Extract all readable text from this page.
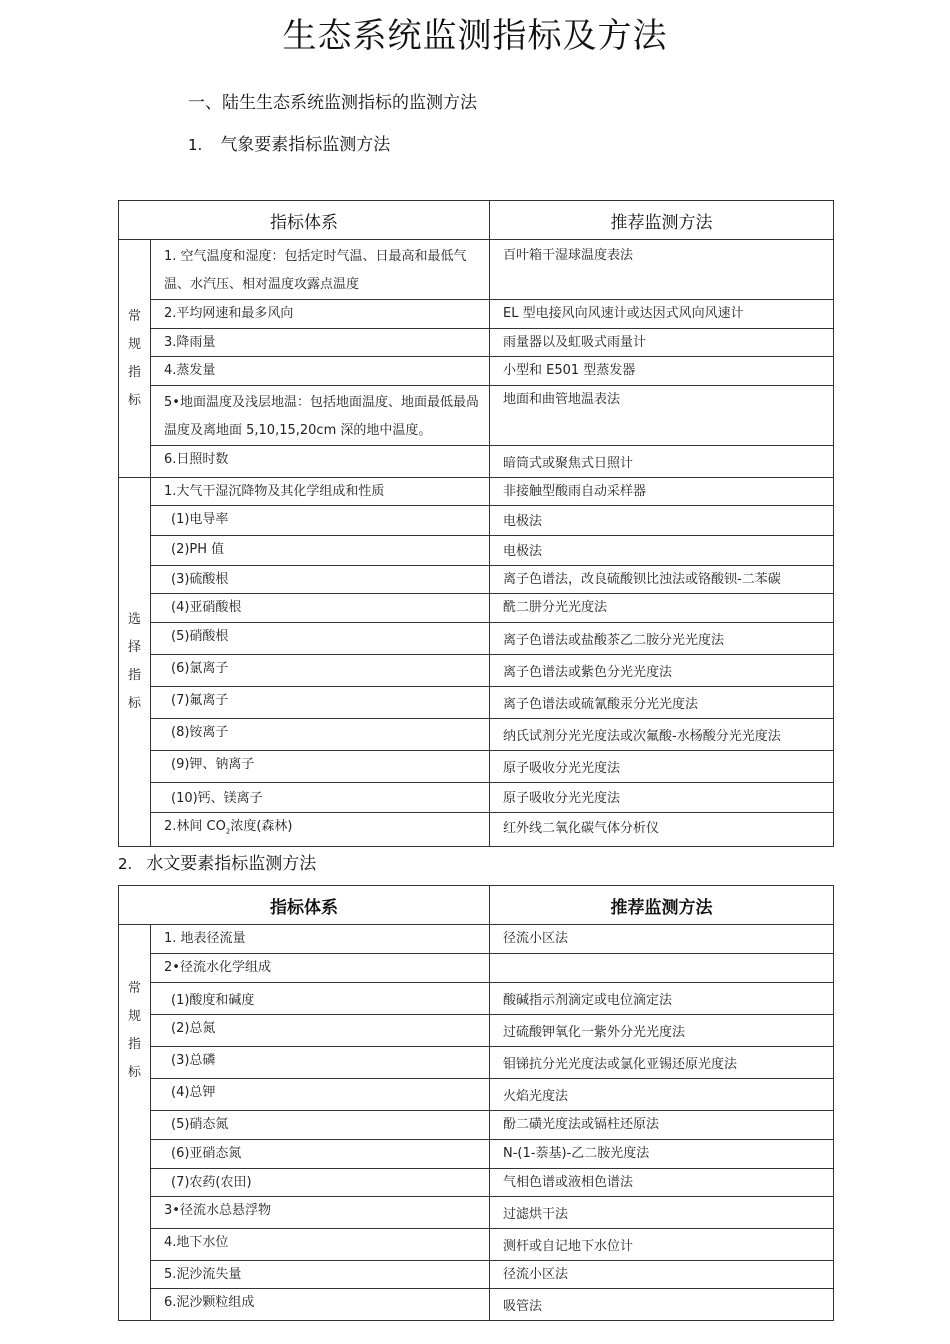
生态系统监测指标及方法
一、陆生生态系统监测指标的监测方法
1. 气象要素指标监测方法
指标体系		推荐监测方法

常
规
指
标	1. 空气温度和湿度：包括定时气温、日最高和最低气温、水汽压、相对温度攻露点温度	百叶箱干湿球温度表法
	2.平均网速和最多风向	EL 型电接风向风速计或达因式风向风速计
	3.降雨量	雨量器以及虹吸式雨量计
	4.蒸发量	小型和 E501 型蒸发器
	5•地面温度及浅层地温：包括地面温度、地面最低最咼温度及离地面 5,10,15,20cm 深的地中温度。	地面和曲管地温表法
	6.日照时数	暗筒式或聚焦式日照计

选
择
指
标	1.大气干湿沉降物及其化学组成和性质	非接触型酸雨自动采样器
	(1)电导率	电极法
	(2)PH 值	电极法
	(3)硫酸根	离子色谱法，改良硫酸钡比浊法或铬酸钡-二苯碳
	(4)亚硝酸根	酰二肼分光光度法
	(5)硝酸根	离子色谱法或盐酸茶乙二胺分光光度法
	(6)氯离子	离子色谱法或紫色分光光度法
	(7)氟离子	离子色谱法或硫氰酸汞分光光度法
	(8)铵离子	纳氏试剂分光光度法或次氟酸-水杨酸分光光度法
	(9)钾、钠离子	原子吸收分光光度法
	(10)钙、镁离子	原子吸收分光光度法
	2.林间 $CO_2$浓度(森林)	红外线二氧化碳气体分析仪
2. 水文要素指标监测方法
指标体系		推荐监测方法

常
规
指
标	1. 地表径流量	径流小区法
	2•径流水化学组成	
	(1)酸度和碱度	酸碱指示剂滴定或电位滴定法
	(2)总氮	过硫酸钾氧化一紫外分光光度法
	(3)总磷	钼锑抗分光光度法或氯化亚锡还原光度法
	(4)总钾	火焰光度法
	(5)硝态氮	酚二磺光度法或镉柱还原法
	(6)亚硝态氮	N-(1-萘基)-乙二胺光度法
	(7)农药(农田)	气相色谱或液相色谱法
	3•径流水总悬浮物	过滤烘干法
	4.地下水位	测杆或自记地下水位计
	5.泥沙流失量	径流小区法
	6.泥沙颗粒组成	吸管法
